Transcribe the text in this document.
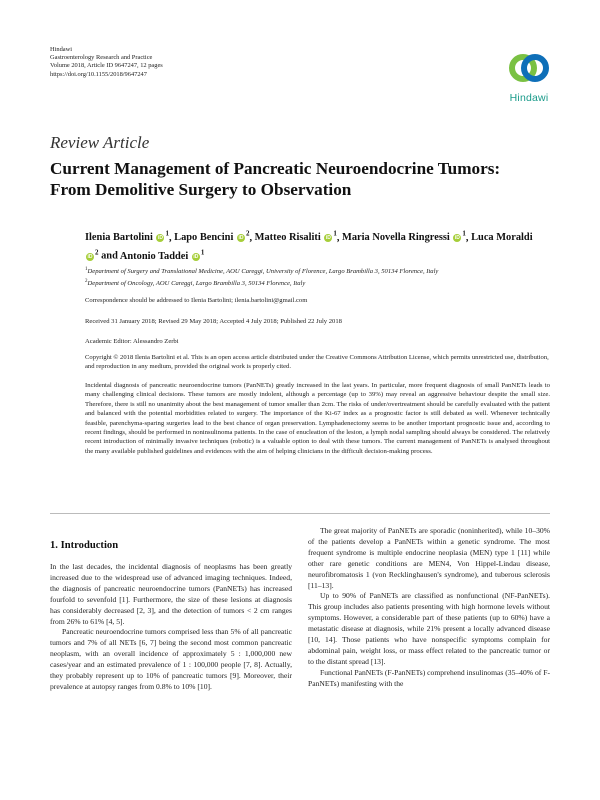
Hindawi
Gastroenterology Research and Practice
Volume 2018, Article ID 9647247, 12 pages
https://doi.org/10.1155/2018/9647247
Hindawi
Review Article
Current Management of Pancreatic Neuroendocrine Tumors: From Demolitive Surgery to Observation
Ilenia Bartolini $iD^1$, Lapo Bencini $iD^2$, Matteo Risaliti $iD^1$, Maria Novella Ringressi $iD^1$, Luca Moraldi $iD^2$ and Antonio Taddei $iD^1$
$^1$Department of Surgery and Translational Medicine, AOU Careggi, University of Florence, Largo Brambilla 3, 50134 Florence, Italy
$^2$Department of Oncology, AOU Careggi, Largo Brambilla 3, 50134 Florence, Italy
Correspondence should be addressed to Ilenia Bartolini; ilenia.bartolini@gmail.com
Received 31 January 2018; Revised 29 May 2018; Accepted 4 July 2018; Published 22 July 2018
Academic Editor: Alessandro Zerbi
Copyright © 2018 Ilenia Bartolini et al. This is an open access article distributed under the Creative Commons Attribution License, which permits unrestricted use, distribution, and reproduction in any medium, provided the original work is properly cited.
Incidental diagnosis of pancreatic neuroendocrine tumors (PanNETs) greatly increased in the last years. In particular, more frequent diagnosis of small PanNETs leads to many challenging clinical decisions. These tumors are mostly indolent, although a percentage (up to 39%) may reveal an aggressive behaviour despite the small size. Therefore, there is still no unanimity about the best management of tumor smaller than 2cm. The risks of under/overtreatment should be carefully evaluated with the patient and balanced with the potential morbidities related to surgery. The importance of the Ki-67 index as a prognostic factor is still debated as well. Whenever technically feasible, parenchyma-sparing surgeries lead to the best chance of organ preservation. Lymphadenectomy seems to be another important prognostic issue and, according to recent findings, should be performed in noninsulinoma patients. In the case of enucleation of the lesion, a lymph nodal sampling should always be considered. The relatively recent introduction of minimally invasive techniques (robotic) is a valuable option to deal with these tumors. The current management of PanNETs is analysed throughout the many available published guidelines and evidences with the aim of helping clinicians in the difficult decision-making process.
1. Introduction

In the last decades, the incidental diagnosis of neoplasms has been greatly increased due to the widespread use of advanced imaging techniques. Indeed, the diagnosis of pancreatic neuroendocrine tumors (PanNETs) has increased fourfold to sevenfold [1]. Furthermore, the size of these lesions at diagnosis has considerably decreased [2, 3], and the detection of tumors < 2 cm ranges from 26% to 61% [4, 5].

Pancreatic neuroendocrine tumors comprised less than 5% of all pancreatic tumors and 7% of all NETs [6, 7] being the second most common pancreatic neoplasm, with an overall incidence of approximately 5 : 1,000,000 new cases/year and an estimated prevalence of 1 : 100,000 people [7, 8]. Actually, they probably represent up to 10% of pancreatic tumors [9]. Moreover, their prevalence at autopsy ranges from 0.8% to 10% [10].

The great majority of PanNETs are sporadic (noninherited), while 10–30% of the patients develop a PanNETs within a genetic syndrome. The most frequent syndrome is multiple endocrine neoplasia (MEN) type 1 [11] while other rare genetic conditions are MEN4, Von Hippel-Lindau disease, neurofibromatosis 1 (von Recklinghausen's syndrome), and tuberous sclerosis [11–13].

Up to 90% of PanNETs are classified as nonfunctional (NF-PanNETs). This group includes also patients presenting with high hormone levels without symptoms. However, a considerable part of these patients (up to 60%) have a metastatic disease at diagnosis, while 21% present a locally advanced disease [10, 14]. Those patients who have nonspecific symptoms complain for abdominal pain, weight loss, or mass effect related to the pancreatic tumor or to the distant spread [13].

Functional PanNETs (F-PanNETs) comprehend insulinomas (35–40% of F-PanNETs) manifesting with the
